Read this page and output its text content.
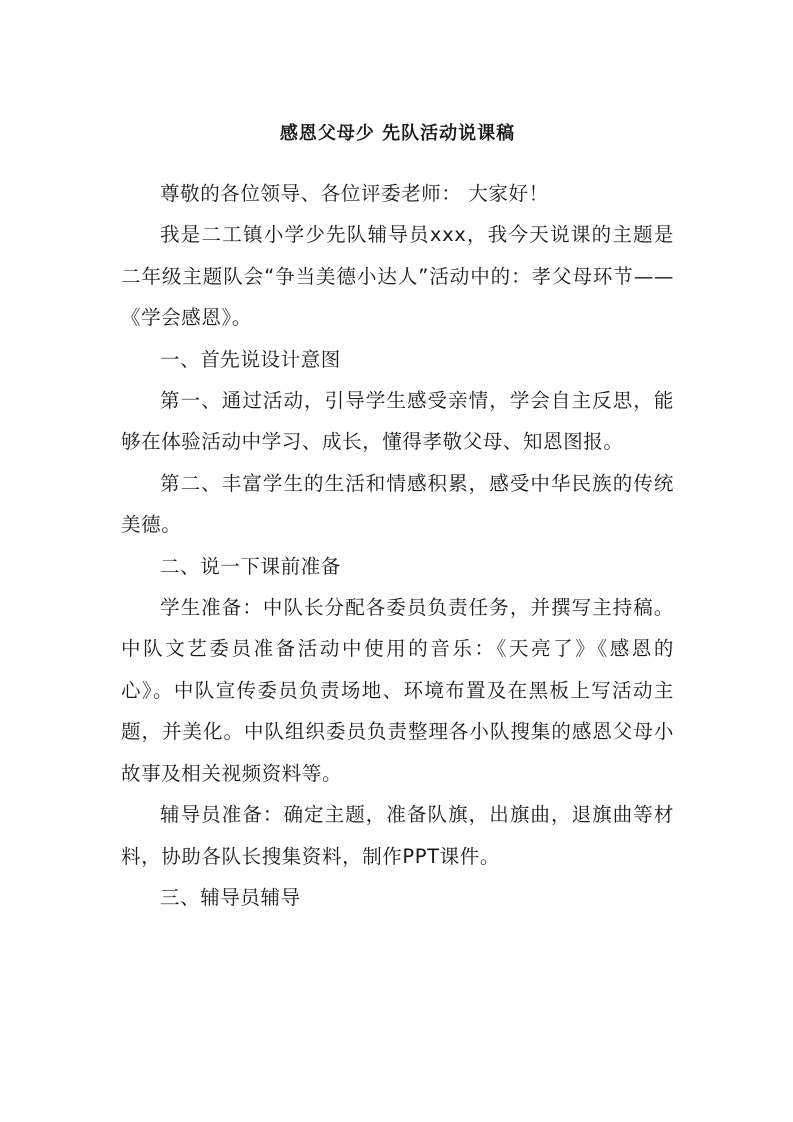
感恩父母少 先队活动说课稿

尊敬的各位领导、各位评委老师： 大家好！

我是二工镇小学少先队辅导员xxx，我今天说课的主题是二年级主题队会“争当美德小达人”活动中的：孝父母环节——《学会感恩》。

一、首先说设计意图

第一、通过活动，引导学生感受亲情，学会自主反思，能够在体验活动中学习、成长，懂得孝敬父母、知恩图报。

第二、丰富学生的生活和情感积累，感受中华民族的传统美德。

二、说一下课前准备

学生准备：中队长分配各委员负责任务，并撰写主持稿。中队文艺委员准备活动中使用的音乐：《天亮了》《感恩的心》。中队宣传委员负责场地、环境布置及在黑板上写活动主题，并美化。中队组织委员负责整理各小队搜集的感恩父母小故事及相关视频资料等。

辅导员准备：确定主题，准备队旗，出旗曲，退旗曲等材料，协助各队长搜集资料，制作PPT课件。

三、辅导员辅导
